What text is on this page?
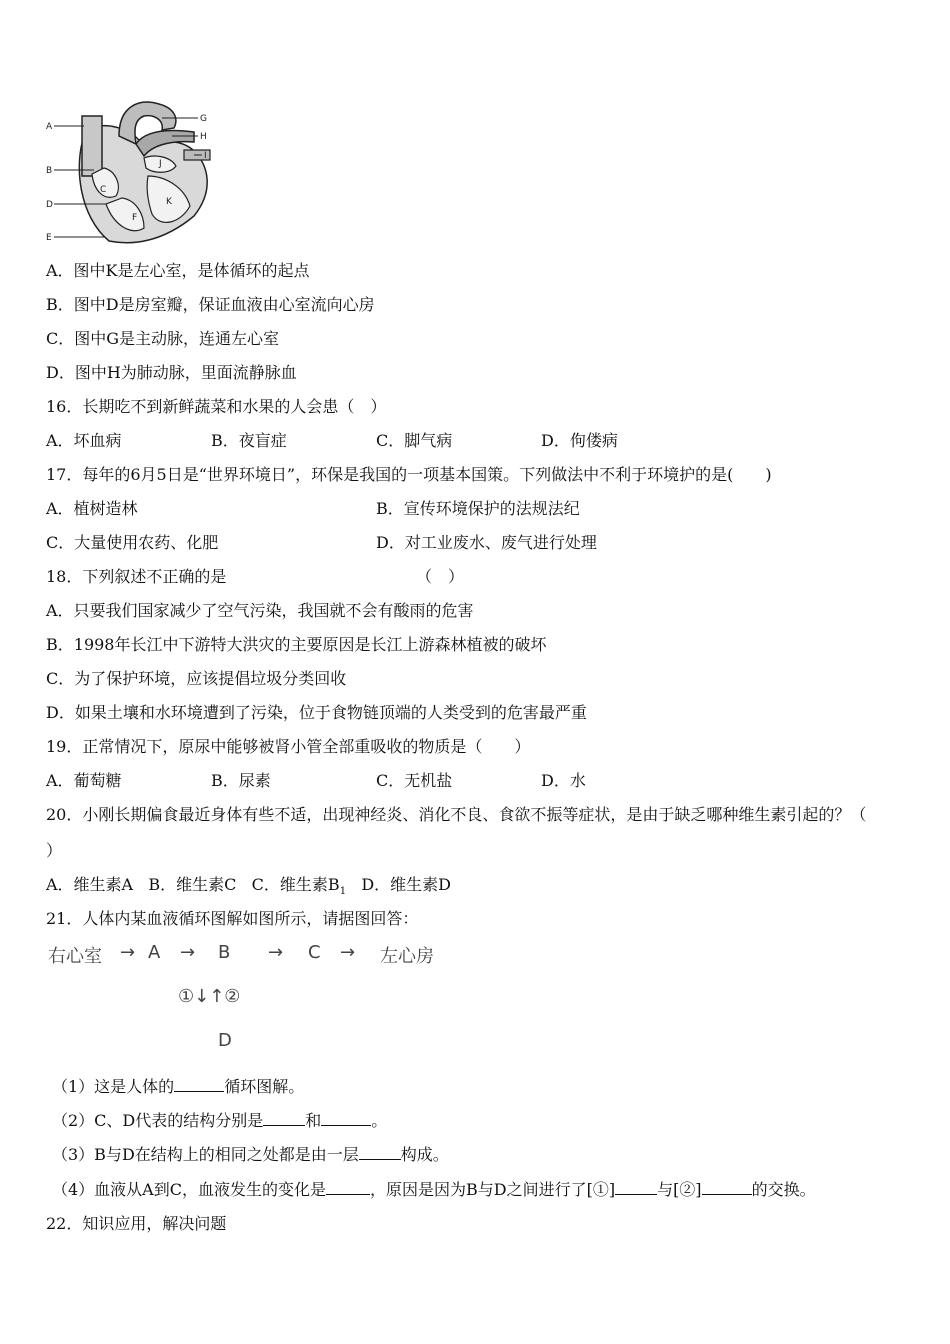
C
F
J
K
A
B
D
E
G
H
I
A．图中K是左心室，是体循环的起点
B．图中D是房室瓣，保证血液由心室流向心房
C．图中G是主动脉，连通左心室
D．图中H为肺动脉，里面流静脉血
16．长期吃不到新鲜蔬菜和水果的人会患（　）
A．坏血病	B．夜盲症	C．脚气病	D．佝偻病
17．每年的6月5日是“世界环境日”，环保是我国的一项基本国策。下列做法中不利于环境护的是(　　)
A．植树造林	B．宣传环境保护的法规法纪
C．大量使用农药、化肥	D．对工业废水、废气进行处理
18．下列叙述不正确的是	（　）
A．只要我们国家减少了空气污染，我国就不会有酸雨的危害
B．1998年长江中下游特大洪灾的主要原因是长江上游森林植被的破坏
C．为了保护环境，应该提倡垃圾分类回收
D．如果土壤和水环境遭到了污染，位于食物链顶端的人类受到的危害最严重
19．正常情况下，原尿中能够被肾小管全部重吸收的物质是（　　）
A．葡萄糖	B．尿素	C．无机盐	D．水
20．小刚长期偏食最近身体有些不适，出现神经炎、消化不良、食欲不振等症状，是由于缺乏哪种维生素引起的？（
）
A．维生素A B．维生素C C．维生素$B_1$ D．维生素D
21．人体内某血液循环图解如图所示，请据图回答：
右心室 → A → B → C → 左心房
①↓↑②
D
（1）这是人体的	循环图解。
（2）C、D代表的结构分别是	和	。
（3）B与D在结构上的相同之处都是由一层	构成。
（4）血液从A到C，血液发生的变化是	，原因是因为B与D之间进行了[①]	与[②]	的交换。
22．知识应用，解决问题
